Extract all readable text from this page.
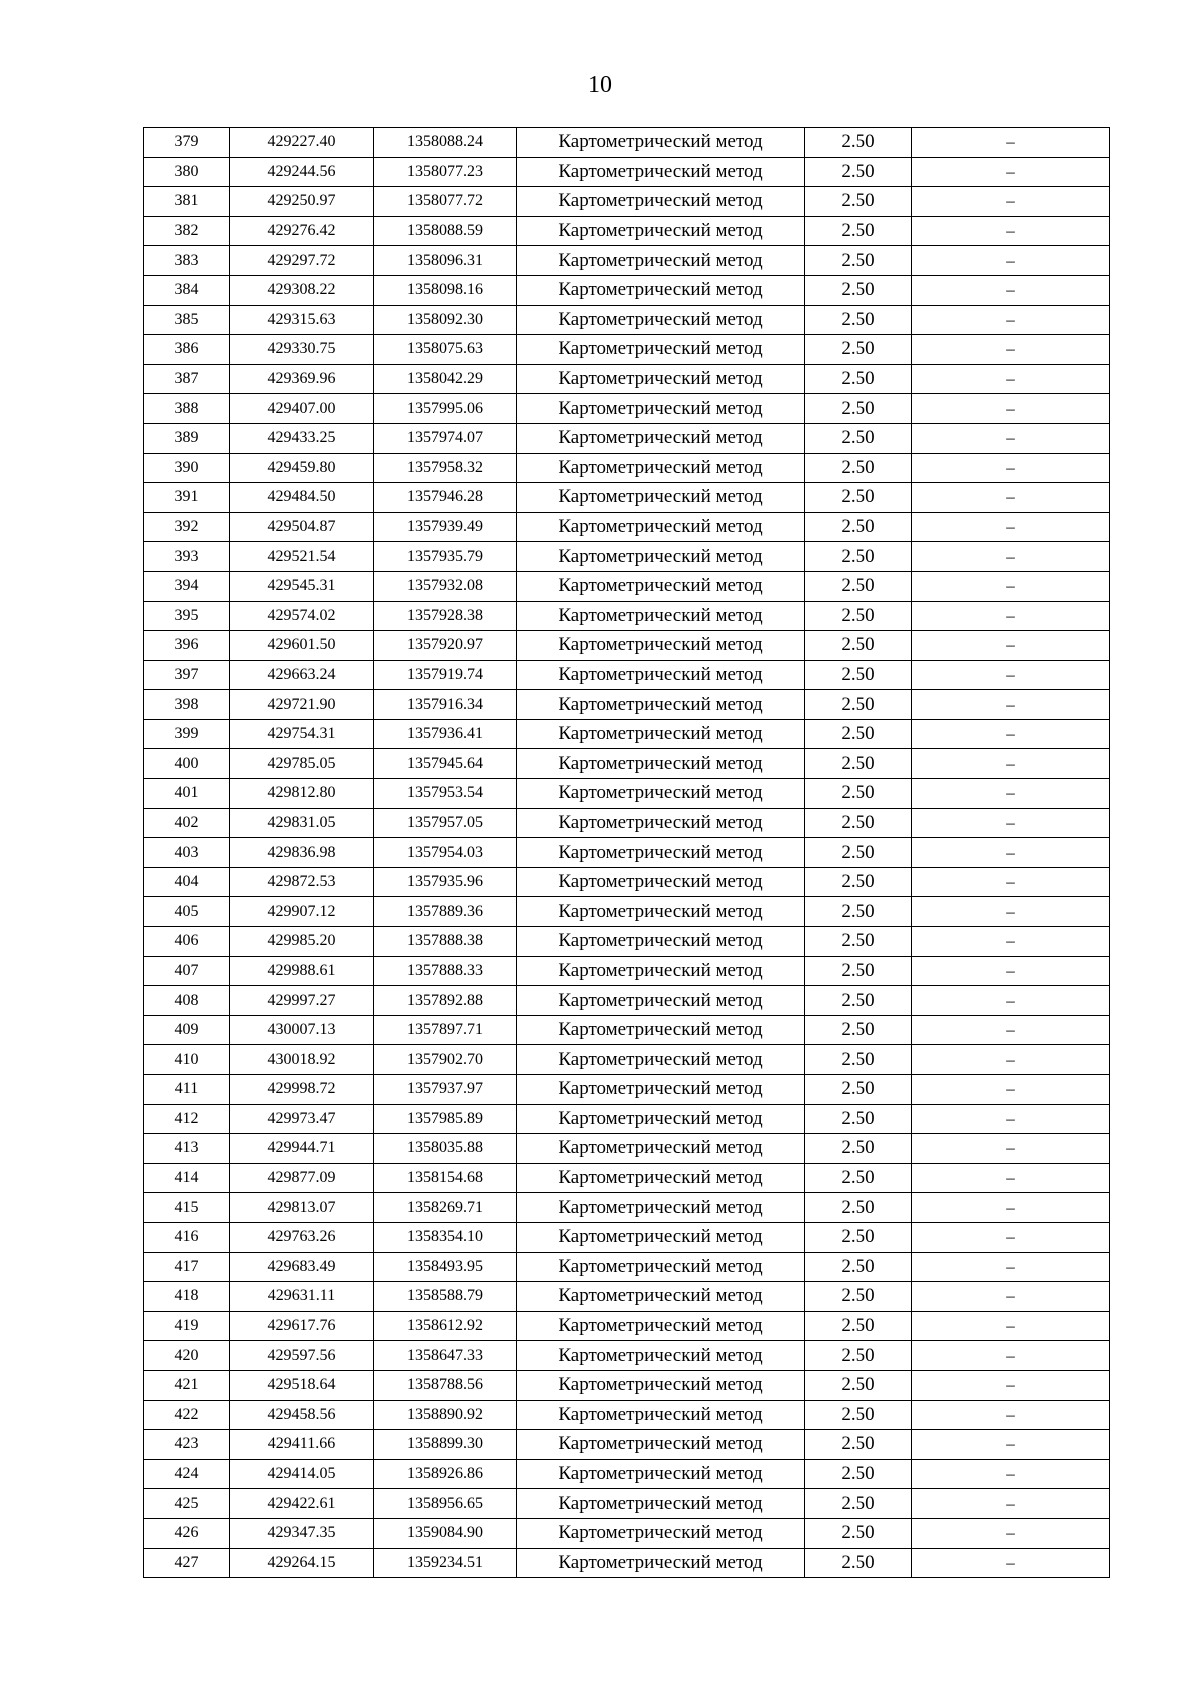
10
379	429227.40	1358088.24	Картометрический метод	2.50	–
380	429244.56	1358077.23	Картометрический метод	2.50	–
381	429250.97	1358077.72	Картометрический метод	2.50	–
382	429276.42	1358088.59	Картометрический метод	2.50	–
383	429297.72	1358096.31	Картометрический метод	2.50	–
384	429308.22	1358098.16	Картометрический метод	2.50	–
385	429315.63	1358092.30	Картометрический метод	2.50	–
386	429330.75	1358075.63	Картометрический метод	2.50	–
387	429369.96	1358042.29	Картометрический метод	2.50	–
388	429407.00	1357995.06	Картометрический метод	2.50	–
389	429433.25	1357974.07	Картометрический метод	2.50	–
390	429459.80	1357958.32	Картометрический метод	2.50	–
391	429484.50	1357946.28	Картометрический метод	2.50	–
392	429504.87	1357939.49	Картометрический метод	2.50	–
393	429521.54	1357935.79	Картометрический метод	2.50	–
394	429545.31	1357932.08	Картометрический метод	2.50	–
395	429574.02	1357928.38	Картометрический метод	2.50	–
396	429601.50	1357920.97	Картометрический метод	2.50	–
397	429663.24	1357919.74	Картометрический метод	2.50	–
398	429721.90	1357916.34	Картометрический метод	2.50	–
399	429754.31	1357936.41	Картометрический метод	2.50	–
400	429785.05	1357945.64	Картометрический метод	2.50	–
401	429812.80	1357953.54	Картометрический метод	2.50	–
402	429831.05	1357957.05	Картометрический метод	2.50	–
403	429836.98	1357954.03	Картометрический метод	2.50	–
404	429872.53	1357935.96	Картометрический метод	2.50	–
405	429907.12	1357889.36	Картометрический метод	2.50	–
406	429985.20	1357888.38	Картометрический метод	2.50	–
407	429988.61	1357888.33	Картометрический метод	2.50	–
408	429997.27	1357892.88	Картометрический метод	2.50	–
409	430007.13	1357897.71	Картометрический метод	2.50	–
410	430018.92	1357902.70	Картометрический метод	2.50	–
411	429998.72	1357937.97	Картометрический метод	2.50	–
412	429973.47	1357985.89	Картометрический метод	2.50	–
413	429944.71	1358035.88	Картометрический метод	2.50	–
414	429877.09	1358154.68	Картометрический метод	2.50	–
415	429813.07	1358269.71	Картометрический метод	2.50	–
416	429763.26	1358354.10	Картометрический метод	2.50	–
417	429683.49	1358493.95	Картометрический метод	2.50	–
418	429631.11	1358588.79	Картометрический метод	2.50	–
419	429617.76	1358612.92	Картометрический метод	2.50	–
420	429597.56	1358647.33	Картометрический метод	2.50	–
421	429518.64	1358788.56	Картометрический метод	2.50	–
422	429458.56	1358890.92	Картометрический метод	2.50	–
423	429411.66	1358899.30	Картометрический метод	2.50	–
424	429414.05	1358926.86	Картометрический метод	2.50	–
425	429422.61	1358956.65	Картометрический метод	2.50	–
426	429347.35	1359084.90	Картометрический метод	2.50	–
427	429264.15	1359234.51	Картометрический метод	2.50	–
